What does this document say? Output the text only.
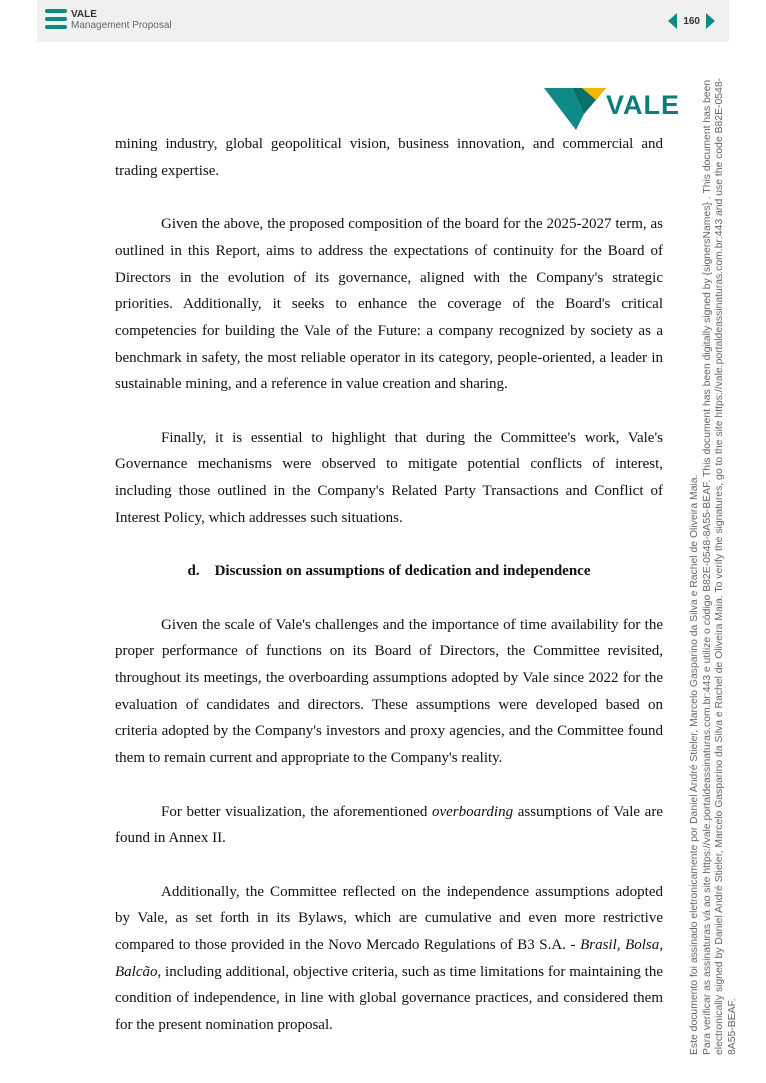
VALE
Management Proposal	160
VALE

mining industry, global geopolitical vision, business innovation, and commercial and trading expertise.

Given the above, the proposed composition of the board for the 2025-2027 term, as outlined in this Report, aims to address the expectations of continuity for the Board of Directors in the evolution of its governance, aligned with the Company's strategic priorities. Additionally, it seeks to enhance the coverage of the Board's critical competencies for building the Vale of the Future: a company recognized by society as a benchmark in safety, the most reliable operator in its category, people-oriented, a leader in sustainable mining, and a reference in value creation and sharing.

Finally, it is essential to highlight that during the Committee's work, Vale's Governance mechanisms were observed to mitigate potential conflicts of interest, including those outlined in the Company's Related Party Transactions and Conflict of Interest Policy, which addresses such situations.

d. Discussion on assumptions of dedication and independence

Given the scale of Vale's challenges and the importance of time availability for the proper performance of functions on its Board of Directors, the Committee revisited, throughout its meetings, the overboarding assumptions adopted by Vale since 2022 for the evaluation of candidates and directors. These assumptions were developed based on criteria adopted by the Company's investors and proxy agencies, and the Committee found them to remain current and appropriate to the Company's reality.

For better visualization, the aforementioned overboarding assumptions of Vale are found in Annex II.

Additionally, the Committee reflected on the independence assumptions adopted by Vale, as set forth in its Bylaws, which are cumulative and even more restrictive compared to those provided in the Novo Mercado Regulations of B3 S.A. - Brasil, Bolsa, Balcão, including additional, objective criteria, such as time limitations for maintaining the condition of independence, in line with global governance practices, and considered them for the present nomination proposal.	Este documento foi assinado eletronicamente por Daniel André Stieler, Marcelo Gasparino da Silva e Rachel de Oliveira Maia. Para verificar as assinaturas vá ao site https://vale.portaldeassinaturas.com.br:443 e utilize o código B82E-0548-8A55-BEAF. This document has been digitally signed by {signersNames} . This document has been electronically signed by Daniel André Stieler, Marcelo Gasparino da Silva e Rachel de Oliveira Maia. To verify the signatures, go to the site https://vale.portaldeassinaturas.com.br:443 and use the code B82E-0548- 8A55-BEAF.
